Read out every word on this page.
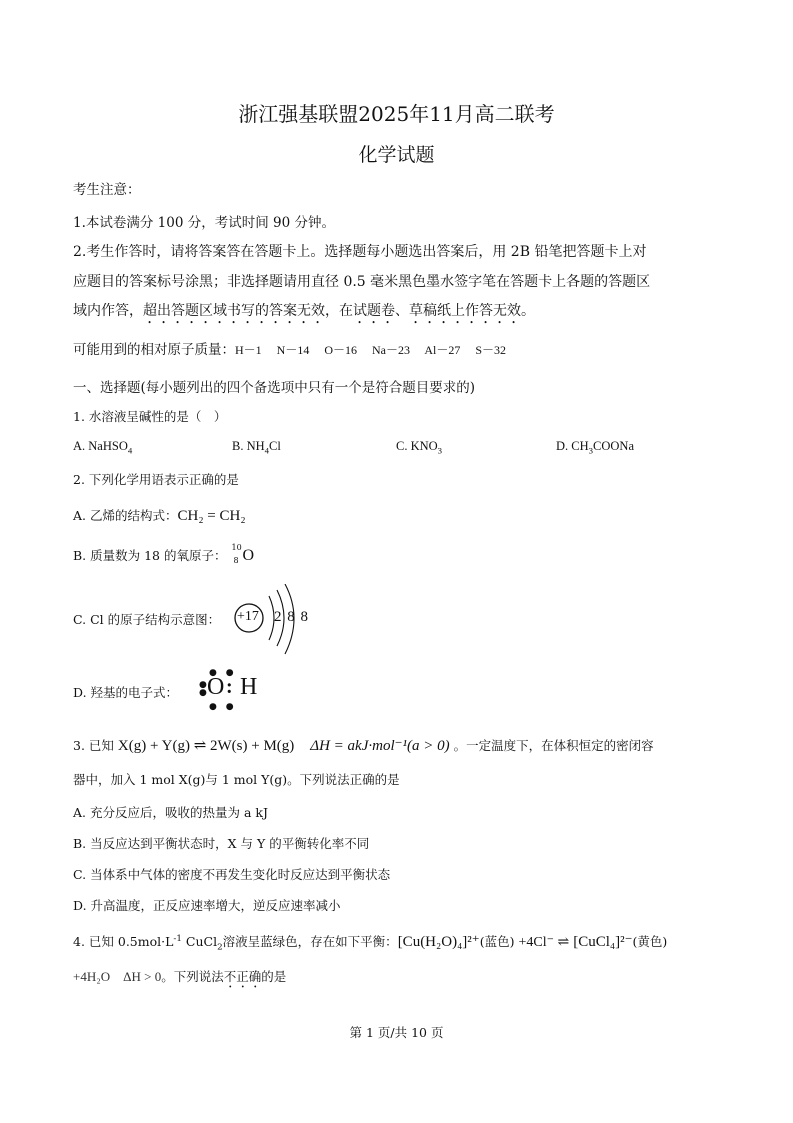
浙江强基联盟2025年11月高二联考
化学试题
考生注意：
1.本试卷满分 100 分，考试时间 90 分钟。
2.考生作答时，请将答案答在答题卡上。选择题每小题选出答案后，用 2B 铅笔把答题卡上对
应题目的答案标号涂黑；非选择题请用直径 0.5 毫米黑色墨水签字笔在答题卡上各题的答题区
域内作答，超出答题区域书写的答案无效，在试题卷、草稿纸上作答无效。
可能用到的相对原子质量：H－1　 N－14　 O－16　 Na－23　 Al－27　 S－32
一、选择题(每小题列出的四个备选项中只有一个是符合题目要求的)
1. 水溶液呈碱性的是（　）
A. NaHSO$_4$	B. $NH_4Cl$	C. $KNO_3$	D. $CH_3COONa$
2. 下列化学用语表示正确的是
A. 乙烯的结构式：CH₂ = CH₂
B. 质量数为 18 的氧原子：
10
8 O
C. Cl 的原子结构示意图： +17 2 8 8
D. 羟基的电子式：
● ●
●
● O : H
● ●
3. 已知 X(g) + Y(g) ⇌ 2W(s) + M(g) ΔH = akJ·mol⁻¹(a > 0) 。一定温度下，在体积恒定的密闭容
器中，加入 1 mol X(g)与 1 mol Y(g)。下列说法正确的是
A. 充分反应后，吸收的热量为 a kJ
B. 当反应达到平衡状态时，X 与 Y 的平衡转化率不同
C. 当体系中气体的密度不再发生变化时反应达到平衡状态
D. 升高温度，正反应速率增大，逆反应速率减小
4. 已知 $0.5mol\cdot L^{-1}$ CuCl$_2$溶液呈蓝绿色，存在如下平衡：[Cu(H₂O)₄]²⁺(蓝色) +4Cl⁻ ⇌ [CuCl₄]²⁻(黄色)
+4H₂O　ΔH > 0。下列说法不正确的是
第 1 页/共 10 页
